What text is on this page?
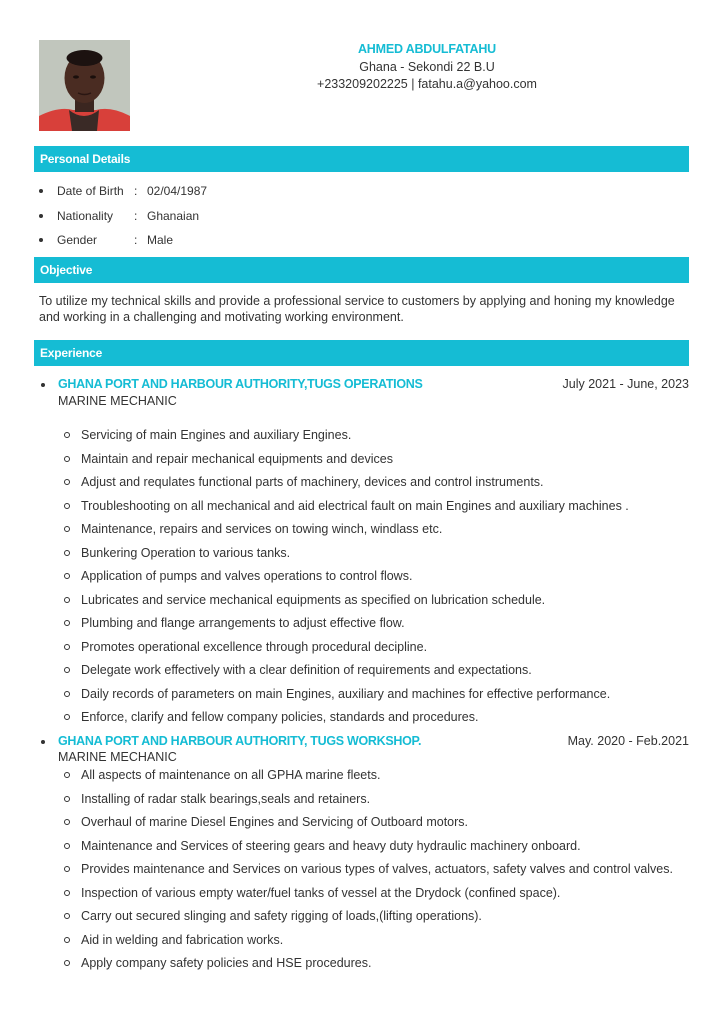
AHMED ABDULFATAHU
Ghana - Sekondi 22 B.U
+233209202225 | fatahu.a@yahoo.com
Personal Details
Date of Birth : 02/04/1987
Nationality : Ghanaian
Gender	: Male
Objective
To utilize my technical skills and provide a professional service to customers by applying and honing my knowledge and working in a challenging and motivating working environment.
Experience
GHANA PORT AND HARBOUR AUTHORITY,TUGS OPERATIONS	July 2021 - June, 2023
MARINE MECHANIC
Servicing of main Engines and auxiliary Engines.
Maintain and repair mechanical equipments and devices
Adjust and requlates functional parts of machinery, devices and control instruments.
Troubleshooting on all mechanical and aid electrical fault on main Engines and auxiliary machines .
Maintenance, repairs and services on towing winch, windlass etc.
Bunkering Operation to various tanks.
Application of pumps and valves operations to control flows.
Lubricates and service mechanical equipments as specified on lubrication schedule.
Plumbing and flange arrangements to adjust effective flow.
Promotes operational excellence through procedural decipline.
Delegate work effectively with a clear definition of requirements and expectations.
Daily records of parameters on main Engines, auxiliary and machines for effective performance.
Enforce, clarify and fellow company policies, standards and procedures.
GHANA PORT AND HARBOUR AUTHORITY, TUGS WORKSHOP.	May. 2020 - Feb.2021
MARINE MECHANIC
All aspects of maintenance on all GPHA marine fleets.
Installing of radar stalk bearings,seals and retainers.
Overhaul of marine Diesel Engines and Servicing of Outboard motors.
Maintenance and Services of steering gears and heavy duty hydraulic machinery onboard.
Provides maintenance and Services on various types of valves, actuators, safety valves and control valves.
Inspection of various empty water/fuel tanks of vessel at the Drydock (confined space).
Carry out secured slinging and safety rigging of loads,(lifting operations).
Aid in welding and fabrication works.
Apply company safety policies and HSE procedures.
